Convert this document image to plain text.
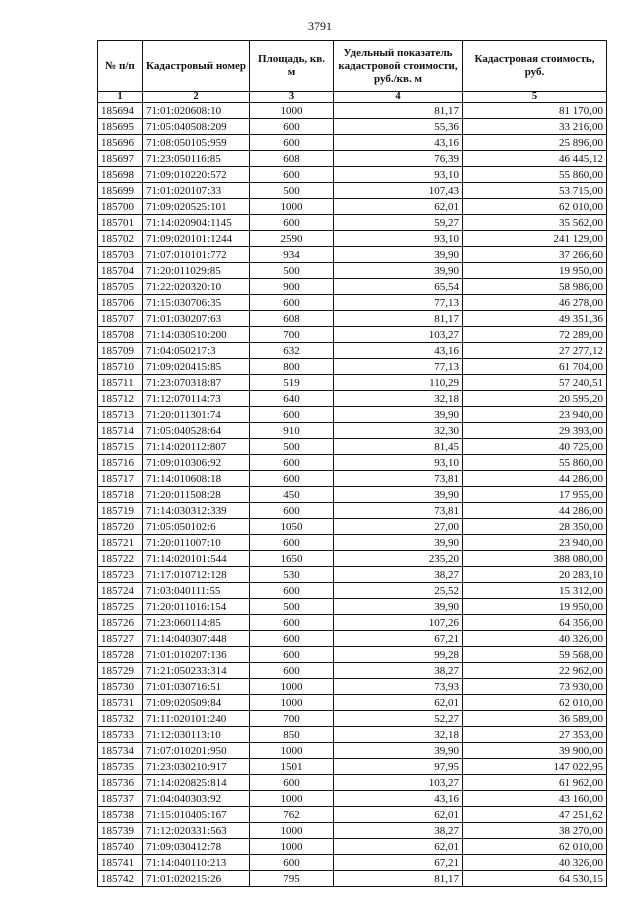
3791
№ п/п	Кадастровый номер	Площадь, кв. м	Удельный показатель кадастровой стоимости, руб./кв. м	Кадастровая стоимость, руб.
1	2	3	4	5
185694	71:01:020608:10	1000	81,17	81 170,00
185695	71:05:040508:209	600	55,36	33 216,00
185696	71:08:050105:959	600	43,16	25 896,00
185697	71:23:050116:85	608	76,39	46 445,12
185698	71:09:010220:572	600	93,10	55 860,00
185699	71:01:020107:33	500	107,43	53 715,00
185700	71:09:020525:101	1000	62,01	62 010,00
185701	71:14:020904:1145	600	59,27	35 562,00
185702	71:09:020101:1244	2590	93,10	241 129,00
185703	71:07:010101:772	934	39,90	37 266,60
185704	71:20:011029:85	500	39,90	19 950,00
185705	71:22:020320:10	900	65,54	58 986,00
185706	71:15:030706:35	600	77,13	46 278,00
185707	71:01:030207:63	608	81,17	49 351,36
185708	71:14:030510:200	700	103,27	72 289,00
185709	71:04:050217:3	632	43,16	27 277,12
185710	71:09:020415:85	800	77,13	61 704,00
185711	71:23:070318:87	519	110,29	57 240,51
185712	71:12:070114:73	640	32,18	20 595,20
185713	71:20:011301:74	600	39,90	23 940,00
185714	71:05:040528:64	910	32,30	29 393,00
185715	71:14:020112:807	500	81,45	40 725,00
185716	71:09:010306:92	600	93,10	55 860,00
185717	71:14:010608:18	600	73,81	44 286,00
185718	71:20:011508:28	450	39,90	17 955,00
185719	71:14:030312:339	600	73,81	44 286,00
185720	71:05:050102:6	1050	27,00	28 350,00
185721	71:20:011007:10	600	39,90	23 940,00
185722	71:14:020101:544	1650	235,20	388 080,00
185723	71:17:010712:128	530	38,27	20 283,10
185724	71:03:040111:55	600	25,52	15 312,00
185725	71:20:011016:154	500	39,90	19 950,00
185726	71:23:060114:85	600	107,26	64 356,00
185727	71:14:040307:448	600	67,21	40 326,00
185728	71:01:010207:136	600	99,28	59 568,00
185729	71:21:050233:314	600	38,27	22 962,00
185730	71:01:030716:51	1000	73,93	73 930,00
185731	71:09:020509:84	1000	62,01	62 010,00
185732	71:11:020101:240	700	52,27	36 589,00
185733	71:12:030113:10	850	32,18	27 353,00
185734	71:07:010201:950	1000	39,90	39 900,00
185735	71:23:030210:917	1501	97,95	147 022,95
185736	71:14:020825:814	600	103,27	61 962,00
185737	71:04:040303:92	1000	43,16	43 160,00
185738	71:15:010405:167	762	62,01	47 251,62
185739	71:12:020331:563	1000	38,27	38 270,00
185740	71:09:030412:78	1000	62,01	62 010,00
185741	71:14:040110:213	600	67,21	40 326,00
185742	71:01:020215:26	795	81,17	64 530,15
